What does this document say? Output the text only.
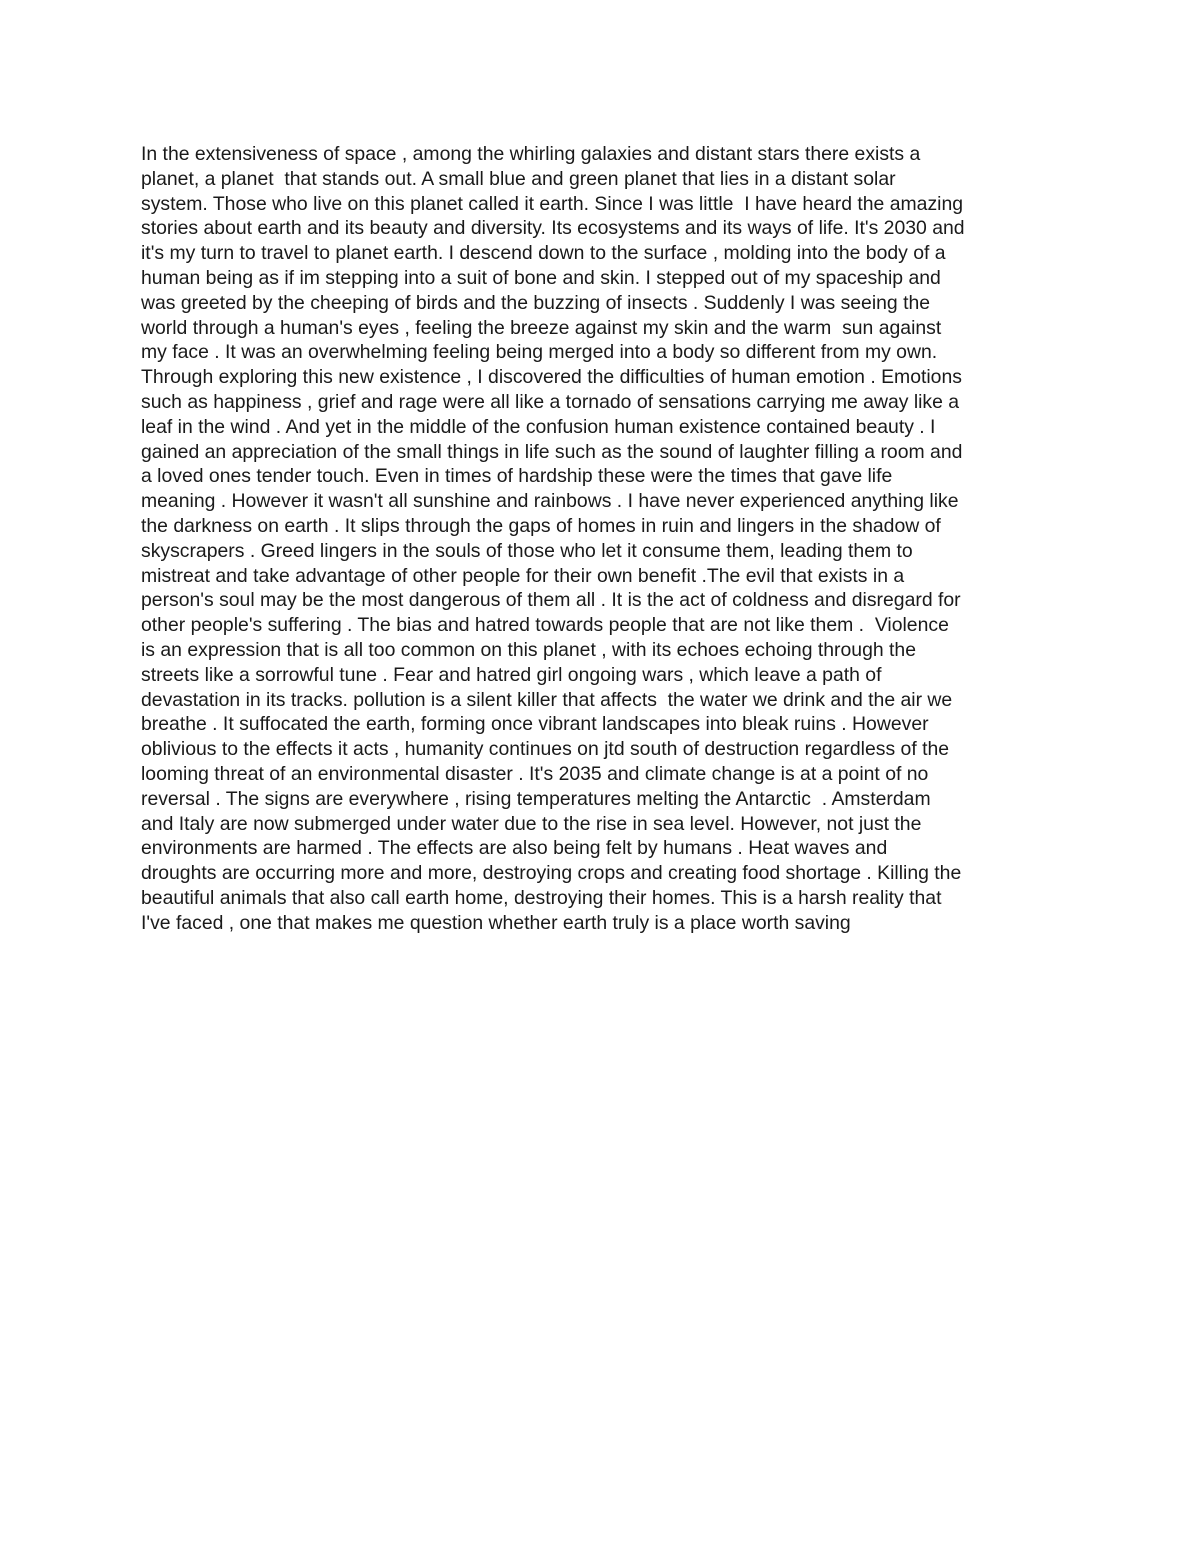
In the extensiveness of space , among the whirling galaxies and distant stars there exists a
planet, a planet  that stands out. A small blue and green planet that lies in a distant solar
system. Those who live on this planet called it earth. Since I was little  I have heard the amazing
stories about earth and its beauty and diversity. Its ecosystems and its ways of life. It's 2030 and
it's my turn to travel to planet earth. I descend down to the surface , molding into the body of a
human being as if im stepping into a suit of bone and skin. I stepped out of my spaceship and
was greeted by the cheeping of birds and the buzzing of insects . Suddenly I was seeing the
world through a human's eyes , feeling the breeze against my skin and the warm  sun against
my face . It was an overwhelming feeling being merged into a body so different from my own.
Through exploring this new existence , I discovered the difficulties of human emotion . Emotions
such as happiness , grief and rage were all like a tornado of sensations carrying me away like a
leaf in the wind . And yet in the middle of the confusion human existence contained beauty . I
gained an appreciation of the small things in life such as the sound of laughter filling a room and
a loved ones tender touch. Even in times of hardship these were the times that gave life
meaning . However it wasn't all sunshine and rainbows . I have never experienced anything like
the darkness on earth . It slips through the gaps of homes in ruin and lingers in the shadow of
skyscrapers . Greed lingers in the souls of those who let it consume them, leading them to
mistreat and take advantage of other people for their own benefit .The evil that exists in a
person's soul may be the most dangerous of them all . It is the act of coldness and disregard for
other people's suffering . The bias and hatred towards people that are not like them .  Violence
is an expression that is all too common on this planet , with its echoes echoing through the
streets like a sorrowful tune . Fear and hatred girl ongoing wars , which leave a path of
devastation in its tracks. pollution is a silent killer that affects  the water we drink and the air we
breathe . It suffocated the earth, forming once vibrant landscapes into bleak ruins . However
oblivious to the effects it acts , humanity continues on jtd south of destruction regardless of the
looming threat of an environmental disaster . It's 2035 and climate change is at a point of no
reversal . The signs are everywhere , rising temperatures melting the Antarctic  . Amsterdam
and Italy are now submerged under water due to the rise in sea level. However, not just the
environments are harmed . The effects are also being felt by humans . Heat waves and
droughts are occurring more and more, destroying crops and creating food shortage . Killing the
beautiful animals that also call earth home, destroying their homes. This is a harsh reality that
I've faced , one that makes me question whether earth truly is a place worth saving
